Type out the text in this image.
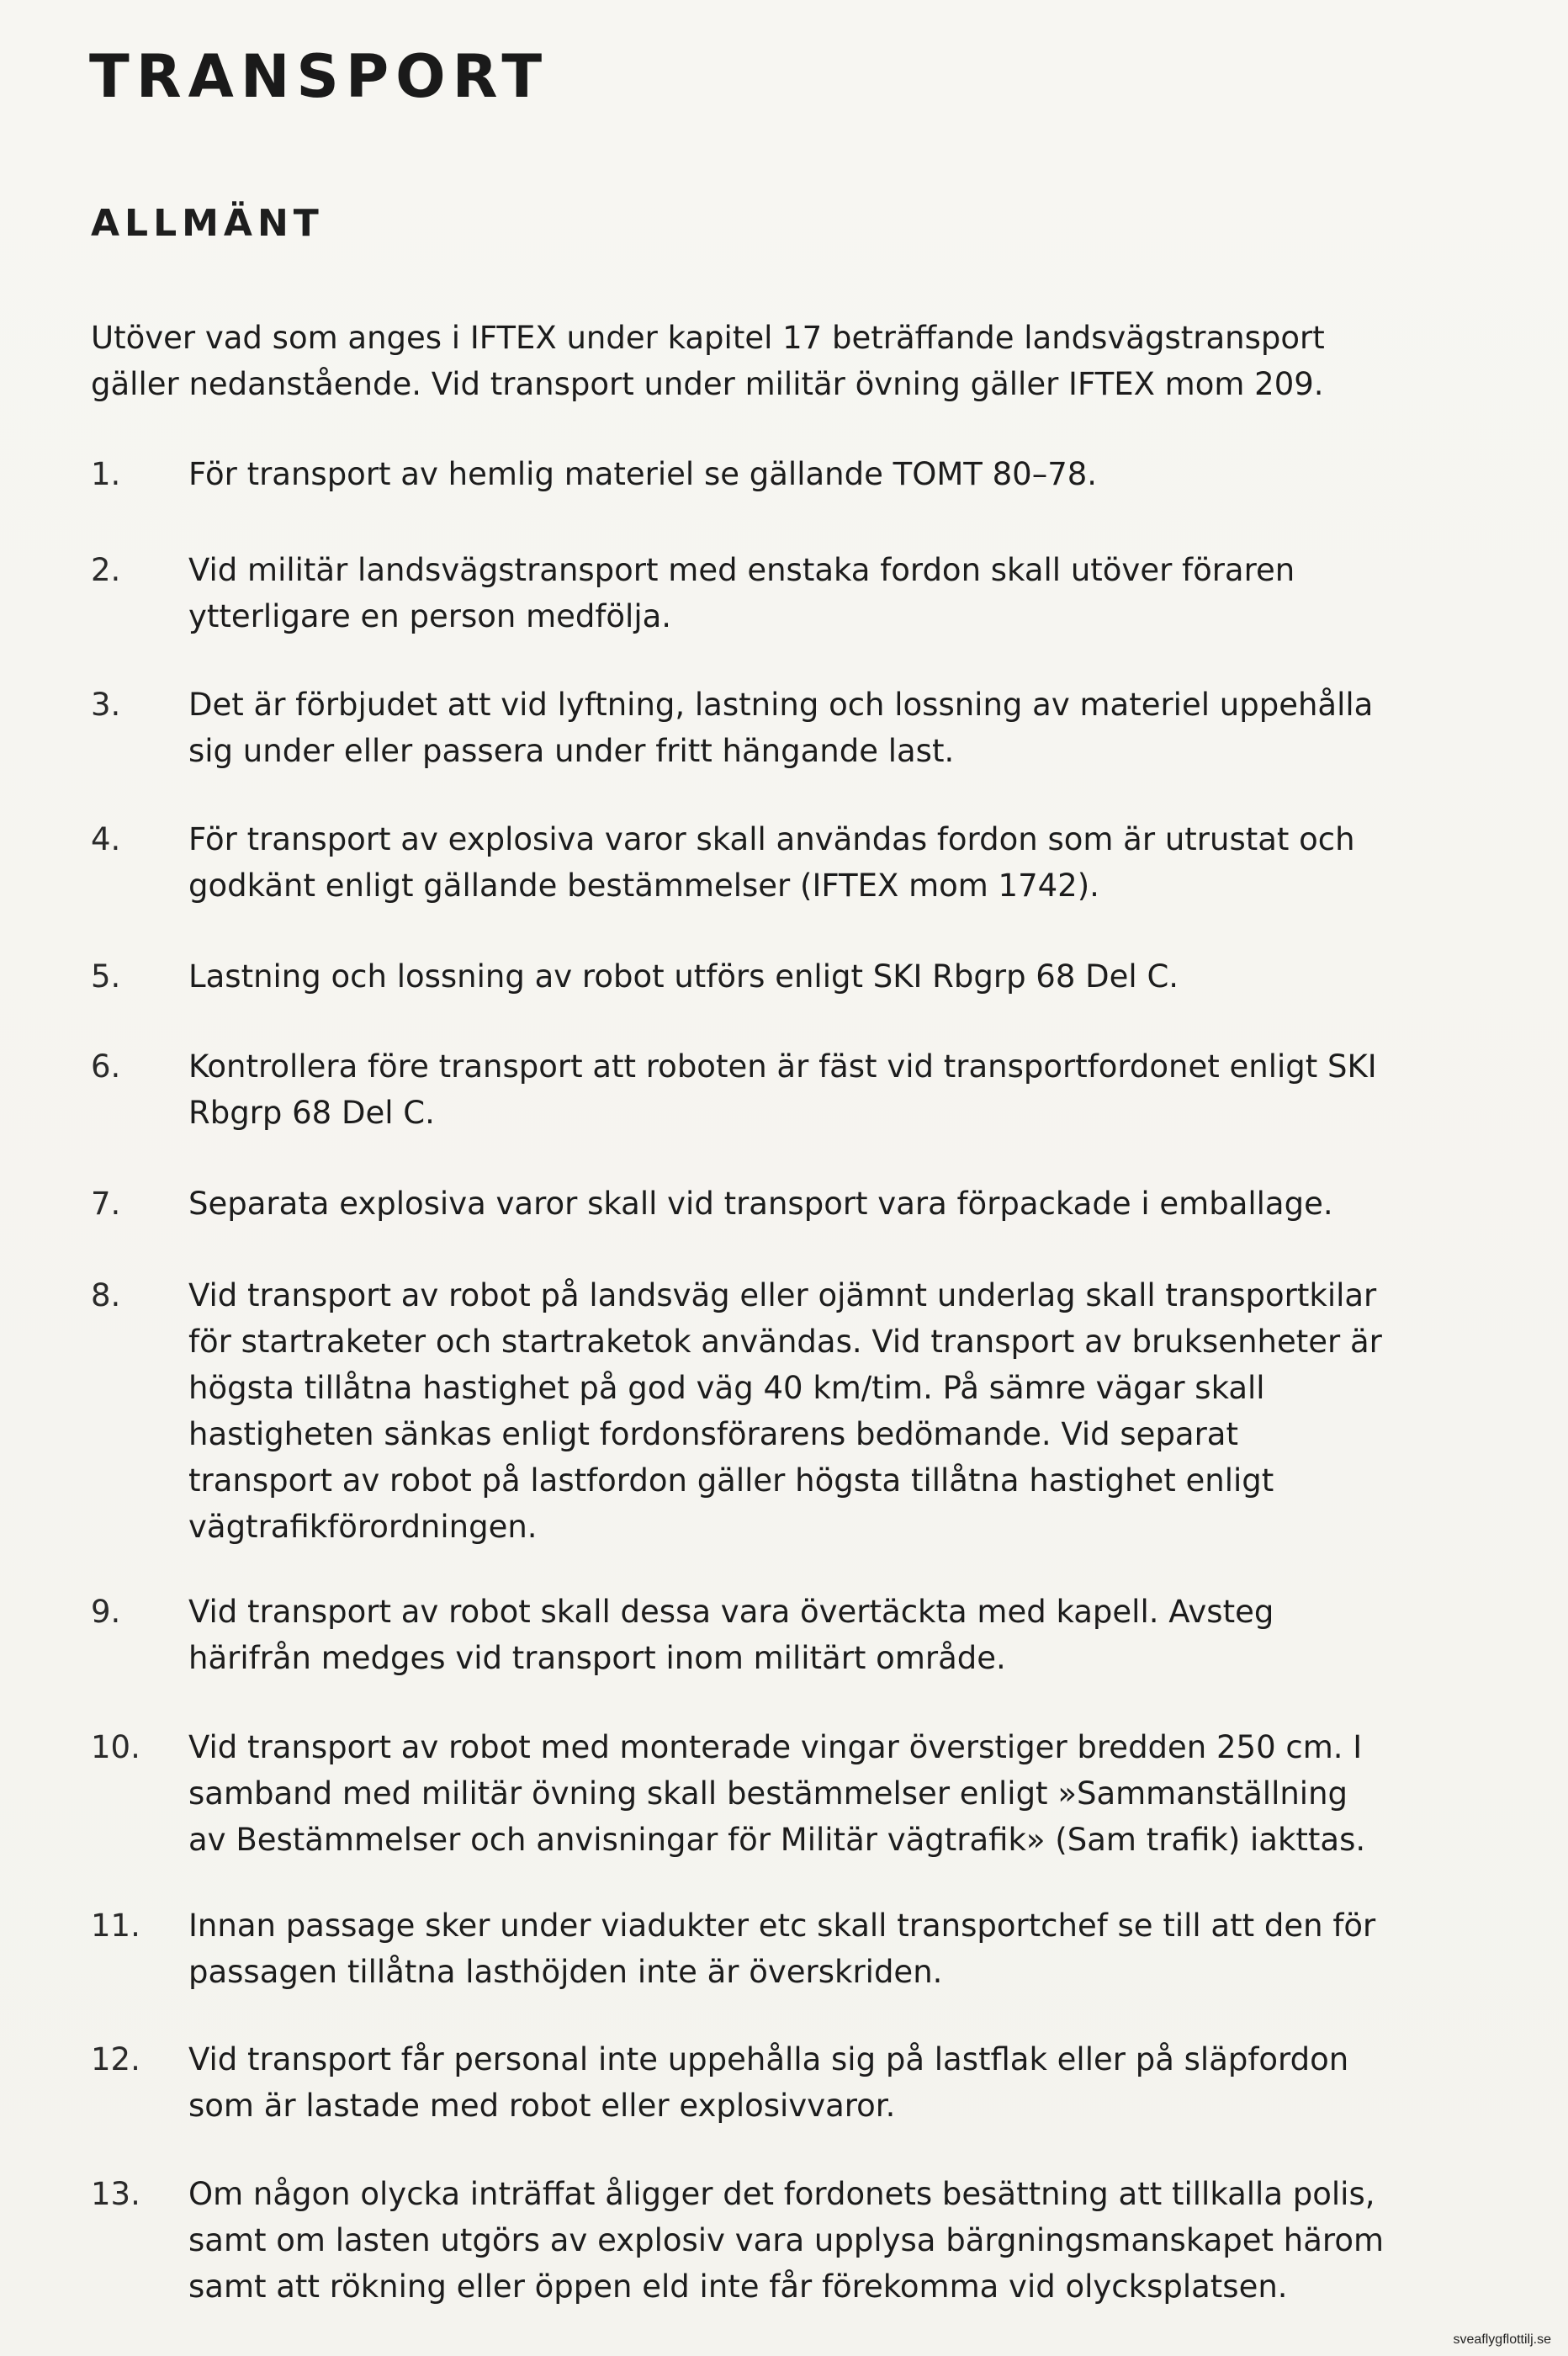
TRANSPORT
ALLMÄNT

Utöver vad som anges i IFTEX under kapitel 17 beträffande landsvägstransport gäller nedanstående. Vid transport under militär övning gäller IFTEX mom 209.

1. För transport av hemlig materiel se gällande TOMT 80–78.
2. Vid militär landsvägstransport med enstaka fordon skall utöver föraren ytterligare en person medfölja.
3. Det är förbjudet att vid lyftning, lastning och lossning av materiel uppehålla sig under eller passera under fritt hängande last.
4. För transport av explosiva varor skall användas fordon som är utrustat och godkänt enligt gällande bestämmelser (IFTEX mom 1742).
5. Lastning och lossning av robot utförs enligt SKI Rbgrp 68 Del C.
6. Kontrollera före transport att roboten är fäst vid transportfordonet enligt SKI Rbgrp 68 Del C.
7. Separata explosiva varor skall vid transport vara förpackade i emballage.
8. Vid transport av robot på landsväg eller ojämnt underlag skall transportkilar för startraketer och startraketok användas. Vid transport av bruksenheter är högsta tillåtna hastighet på god väg 40 km/tim. På sämre vägar skall hastigheten sänkas enligt fordonsförarens bedömande. Vid separat transport av robot på lastfordon gäller högsta tillåtna hastighet enligt vägtrafikförordningen.
9. Vid transport av robot skall dessa vara övertäckta med kapell. Avsteg härifrån medges vid transport inom militärt område.
10. Vid transport av robot med monterade vingar överstiger bredden 250 cm. I samband med militär övning skall bestämmelser enligt »Sammanställning av Bestämmelser och anvisningar för Militär vägtrafik» (Sam trafik) iakttas.
11. Innan passage sker under viadukter etc skall transportchef se till att den för passagen tillåtna lasthöjden inte är överskriden.
12. Vid transport får personal inte uppehålla sig på lastflak eller på släpfordon som är lastade med robot eller explosivvaror.
13. Om någon olycka inträffat åligger det fordonets besättning att tillkalla polis, samt om lasten utgörs av explosiv vara upplysa bärgningsmanskapet härom samt att rökning eller öppen eld inte får förekomma vid olycksplatsen.
sveaflygflottilj.se
